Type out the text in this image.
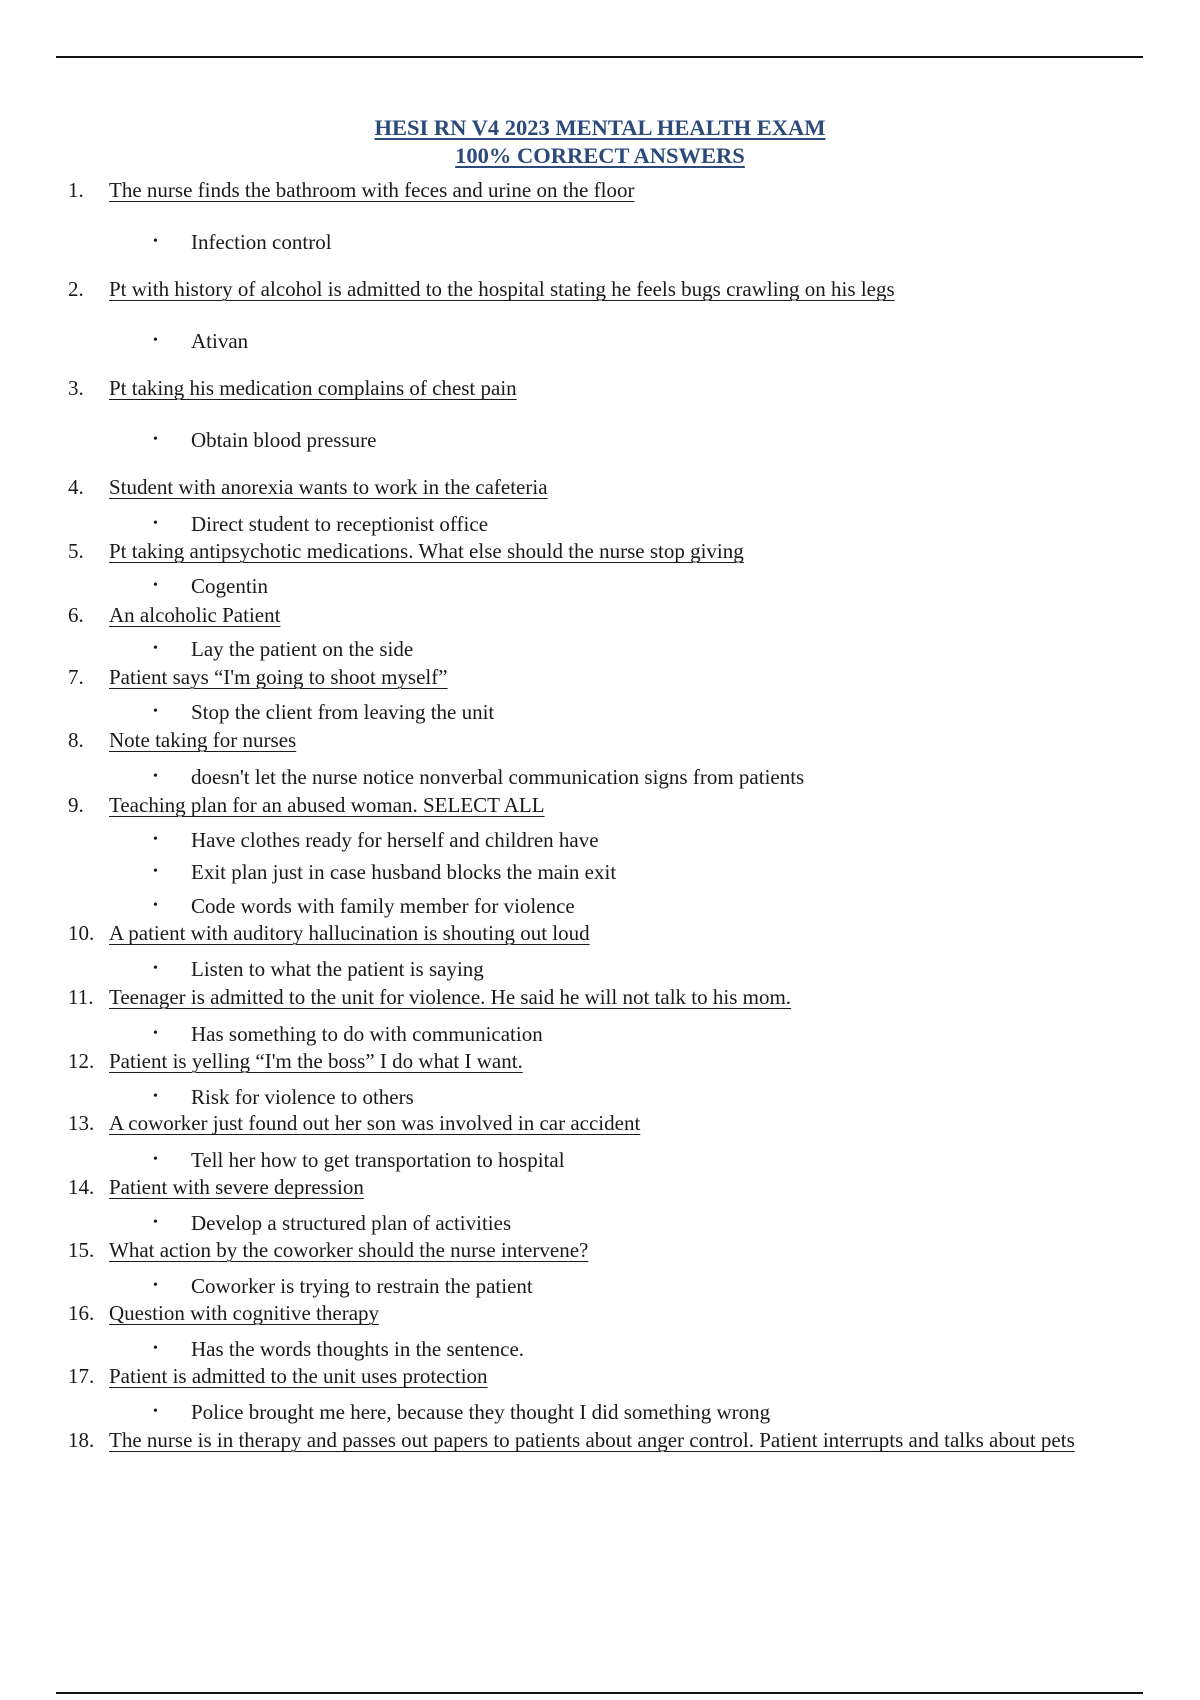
HESI RN V4 2023 MENTAL HEALTH EXAM
100% CORRECT ANSWERS
1.	The nurse finds the bathroom with feces and urine on the floor
• Infection control
2.	Pt with history of alcohol is admitted to the hospital stating he feels bugs crawling on his legs
• Ativan
3.	Pt taking his medication complains of chest pain
• Obtain blood pressure
4.	Student with anorexia wants to work in the cafeteria
• Direct student to receptionist office
5.	Pt taking antipsychotic medications. What else should the nurse stop giving
• Cogentin
6.	An alcoholic Patient
• Lay the patient on the side
7.	Patient says “I'm going to shoot myself”
• Stop the client from leaving the unit
8.	Note taking for nurses
• doesn't let the nurse notice nonverbal communication signs from patients
9.	Teaching plan for an abused woman. SELECT ALL
• Have clothes ready for herself and children have
• Exit plan just in case husband blocks the main exit
• Code words with family member for violence
10. A patient with auditory hallucination is shouting out loud
• Listen to what the patient is saying
11. Teenager is admitted to the unit for violence. He said he will not talk to his mom.
• Has something to do with communication
12. Patient is yelling “I'm the boss” I do what I want.
• Risk for violence to others
13. A coworker just found out her son was involved in car accident
• Tell her how to get transportation to hospital
14. Patient with severe depression
• Develop a structured plan of activities
15. What action by the coworker should the nurse intervene?
• Coworker is trying to restrain the patient
16. Question with cognitive therapy
• Has the words thoughts in the sentence.
17. Patient is admitted to the unit uses protection
• Police brought me here, because they thought I did something wrong
18. The nurse is in therapy and passes out papers to patients about anger control. Patient interrupts and talks about pets
